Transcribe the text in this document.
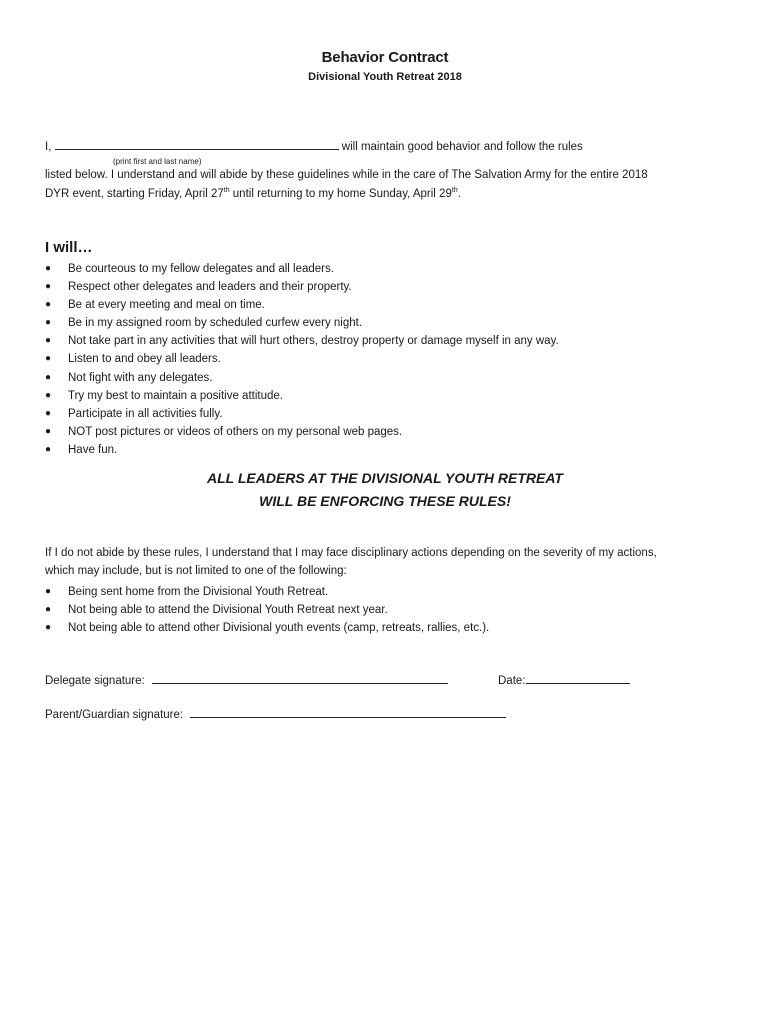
Behavior Contract
Divisional Youth Retreat 2018
I,	will maintain good behavior and follow the rules
(print first and last name)
listed below. I understand and will abide by these guidelines while in the care of The Salvation Army for the entire 2018
DYR event, starting Friday, April 27th until returning to my home Sunday, April 29th.
I will…
● Be courteous to my fellow delegates and all leaders.
● Respect other delegates and leaders and their property.
● Be at every meeting and meal on time.
● Be in my assigned room by scheduled curfew every night.
● Not take part in any activities that will hurt others, destroy property or damage myself in any way.
● Listen to and obey all leaders.
● Not fight with any delegates.
● Try my best to maintain a positive attitude.
● Participate in all activities fully.
● NOT post pictures or videos of others on my personal web pages.
● Have fun.
ALL LEADERS AT THE DIVISIONAL YOUTH RETREAT
WILL BE ENFORCING THESE RULES!
If I do not abide by these rules, I understand that I may face disciplinary actions depending on the severity of my actions,
which may include, but is not limited to one of the following:
● Being sent home from the Divisional Youth Retreat.
● Not being able to attend the Divisional Youth Retreat next year.
● Not being able to attend other Divisional youth events (camp, retreats, rallies, etc.).
Delegate signature:	Date:
Parent/Guardian signature:
